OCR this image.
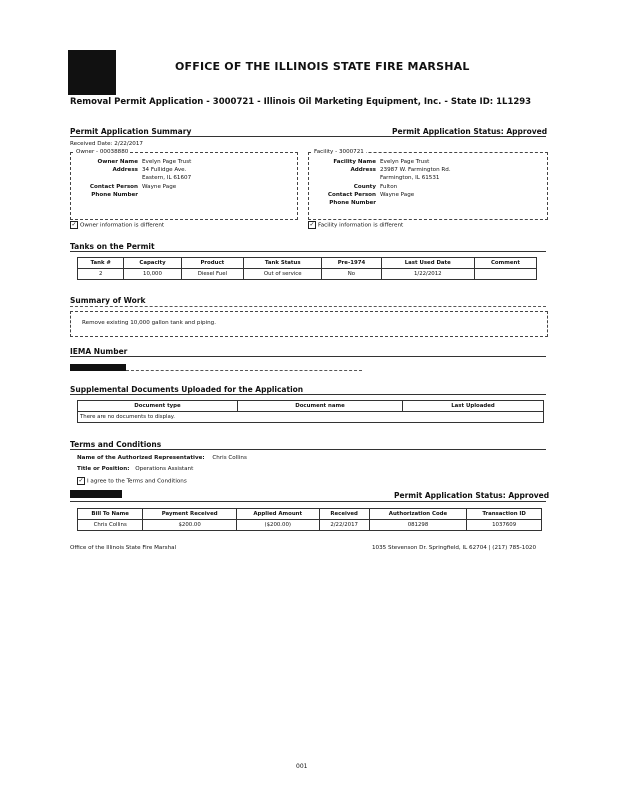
OFFICE OF THE ILLINOIS STATE FIRE MARSHAL
Removal Permit Application - 3000721 - Illinois Oil Marketing Equipment, Inc. - State ID: 1L1293
Permit Application Summary	Permit Application Status: Approved
Received Date: 2/22/2017
Owner - 00038880
Owner Name Evelyn Page Trust
Address 34 Fullidge Ave.
Eastern, IL 61607
Contact Person Wayne Page
Phone Number
✓ Owner information is different
Facility - 3000721
Facility Name Evelyn Page Trust
Address 23987 W. Farmington Rd.
Farmington, IL 61531
County Fulton
Contact Person Wayne Page
Phone Number
✓ Facility information is different
Tanks on the Permit
Tank #	Capacity	Product	Tank Status	Pre-1974	Last Used Date	Comment
2	10,000	Diesel Fuel	Out of service	No	1/22/2012	
Summary of Work
Remove existing 10,000 gallon tank and piping.
IEMA Number
Supplemental Documents Uploaded for the Application
Document type	Document name	Last Uploaded
There are no documents to display.
Terms and Conditions
Name of the Authorized Representative: Chris Collins
Title or Position: Operations Assistant
✓ I agree to the Terms and Conditions
Permit Application Status: Approved
Bill To Name	Payment Received	Applied Amount	Received	Authorization Code	Transaction ID
Chris Collins	$200.00	($200.00)	2/22/2017	081298	1037609
Office of the Illinois State Fire Marshal	1035 Stevenson Dr. Springfield, IL 62704 | (217) 785-1020
001
